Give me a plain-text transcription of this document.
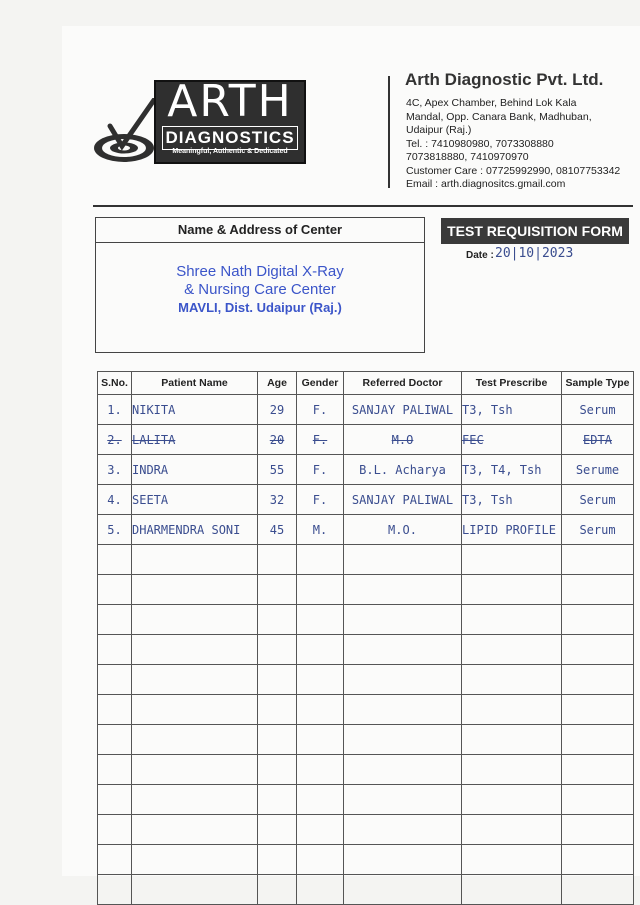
ARTH
DIAGNOSTICS
Meaningful, Authentic & Dedicated
Arth Diagnostic Pvt. Ltd.
4C, Apex Chamber, Behind Lok Kala
Mandal, Opp. Canara Bank, Madhuban,
Udaipur (Raj.)
Tel. : 7410980980, 7073308880
7073818880, 7410970970
Customer Care : 07725992990, 08107753342
Email : arth.diagnositcs.gmail.com
Name & Address of Center
Shree Nath Digital X-Ray
& Nursing Care Center
MAVLI, Dist. Udaipur (Raj.)
TEST REQUISITION FORM
Date : 20|10|2023
S.No.	Patient Name	Age	Gender	Referred Doctor	Test Prescribe	Sample Type
1.	NIKITA	29	F.	SANJAY PALIWAL	T3, Tsh	Serum
2.	LALITA	20	F.	M.O	FEC	EDTA
3.	INDRA	55	F.	B.L. Acharya	T3, T4, Tsh	Serume
4.	SEETA	32	F.	SANJAY PALIWAL	T3, Tsh	Serum
5.	DHARMENDRA SONI	45	M.	M.O.	LIPID PROFILE	Serum
